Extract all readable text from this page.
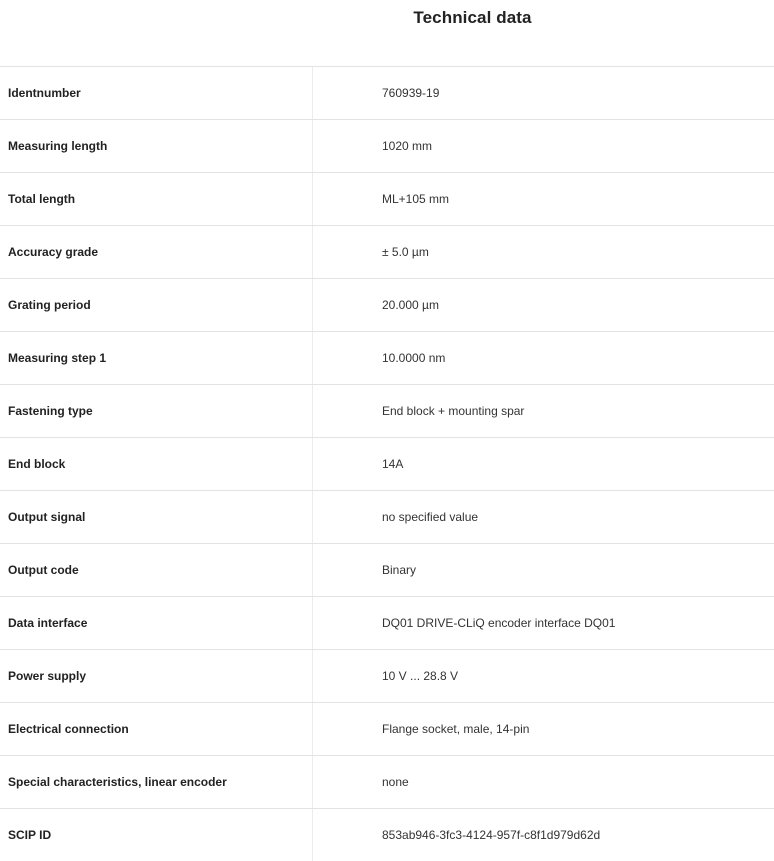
Technical data
Identnumber	760939-19
Measuring length	1020 mm
Total length	ML+105 mm
Accuracy grade	± 5.0 µm
Grating period	20.000 µm
Measuring step 1	10.0000 nm
Fastening type	End block + mounting spar
End block	14A
Output signal	no specified value
Output code	Binary
Data interface	DQ01 DRIVE-CLiQ encoder interface DQ01
Power supply	10 V ... 28.8 V
Electrical connection	Flange socket, male, 14-pin
Special characteristics, linear encoder	none
SCIP ID	853ab946-3fc3-4124-957f-c8f1d979d62d
